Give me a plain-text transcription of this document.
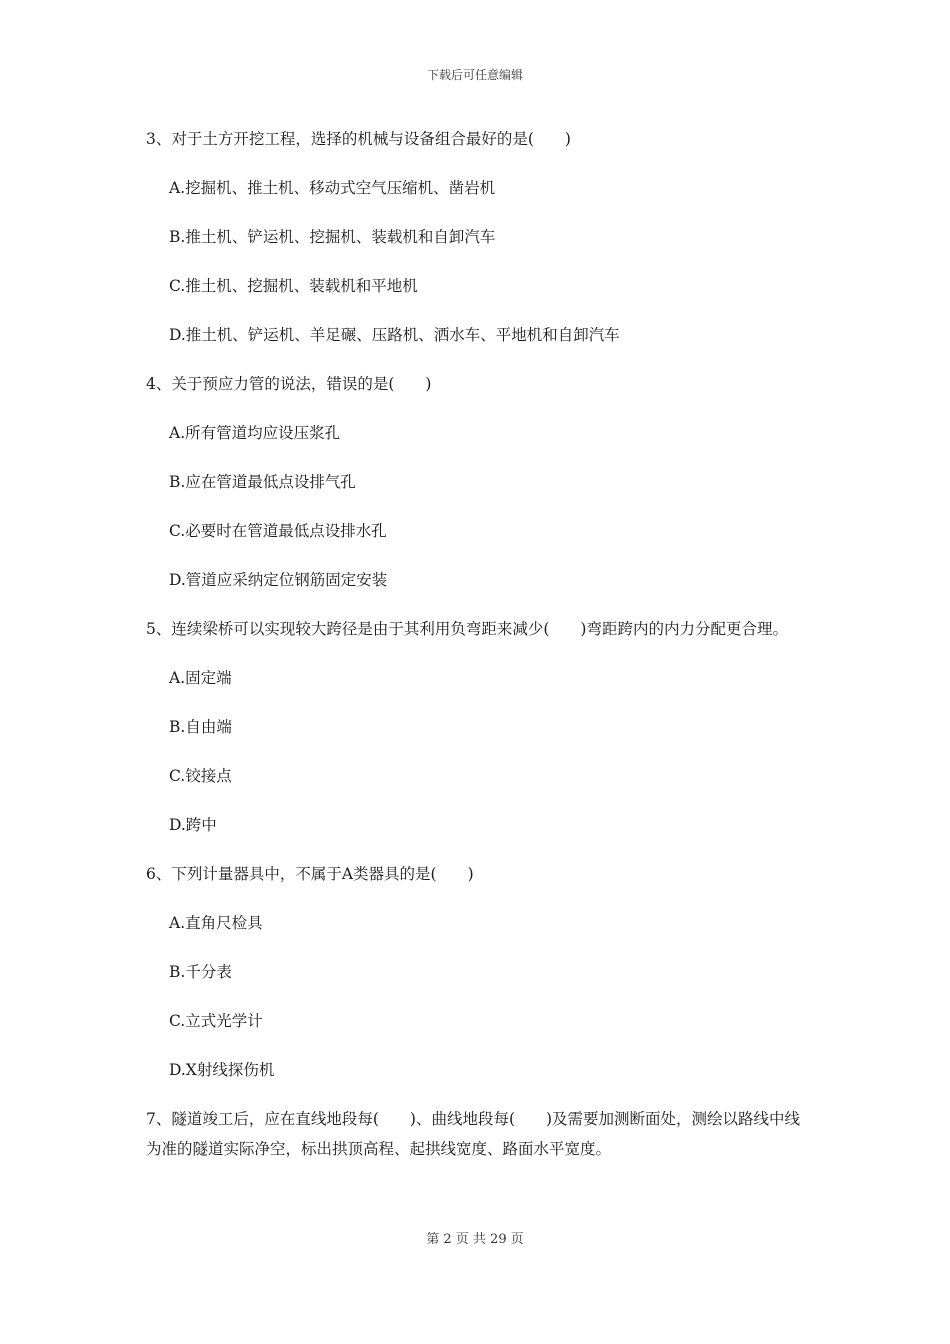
下载后可任意编辑

3、对于土方开挖工程，选择的机械与设备组合最好的是(　　)

A.挖掘机、推土机、移动式空气压缩机、凿岩机

B.推土机、铲运机、挖掘机、装载机和自卸汽车

C.推土机、挖掘机、装载机和平地机

D.推土机、铲运机、羊足碾、压路机、洒水车、平地机和自卸汽车

4、关于预应力管的说法，错误的是(　　)

A.所有管道均应设压浆孔

B.应在管道最低点设排气孔

C.必要时在管道最低点设排水孔

D.管道应采纳定位钢筋固定安装

5、连续梁桥可以实现较大跨径是由于其利用负弯距来减少(　　)弯距跨内的内力分配更合理。

A.固定端

B.自由端

C.铰接点

D.跨中

6、下列计量器具中，不属于A类器具的是(　　)

A.直角尺检具

B.千分表

C.立式光学计

D.X射线探伤机

7、隧道竣工后，应在直线地段每(　　)、曲线地段每(　　)及需要加测断面处，测绘以路线中线为准的隧道实际净空，标出拱顶高程、起拱线宽度、路面水平宽度。

第 2 页 共 29 页
